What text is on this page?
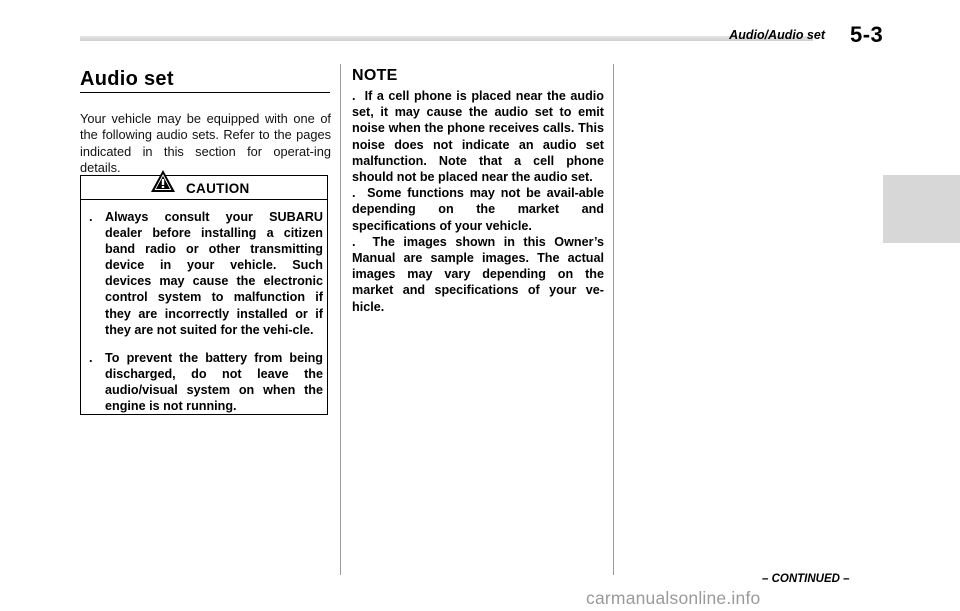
Audio/Audio set 5-3
Audio set

Your vehicle may be equipped with one of the following audio sets. Refer to the pages indicated in this section for operat-ing details.

CAUTION

. Always consult your SUBARU dealer before installing a citizen band radio or other transmitting device in your vehicle. Such devices may cause the electronic control system to malfunction if they are incorrectly installed or if they are not suited for the vehi-cle.

. To prevent the battery from being discharged, do not leave the audio/visual system on when the engine is not running.

NOTE
.  If a cell phone is placed near the audio set, it may cause the audio set to emit noise when the phone receives calls. This noise does not indicate an audio set malfunction. Note that a cell phone should not be placed near the audio set.
.  Some functions may not be avail-able depending on the market and specifications of your vehicle.
.  The images shown in this Owner’s Manual are sample images. The actual images may vary depending on the market and specifications of your ve-hicle.
– CONTINUED –
carmanualsonline.info
